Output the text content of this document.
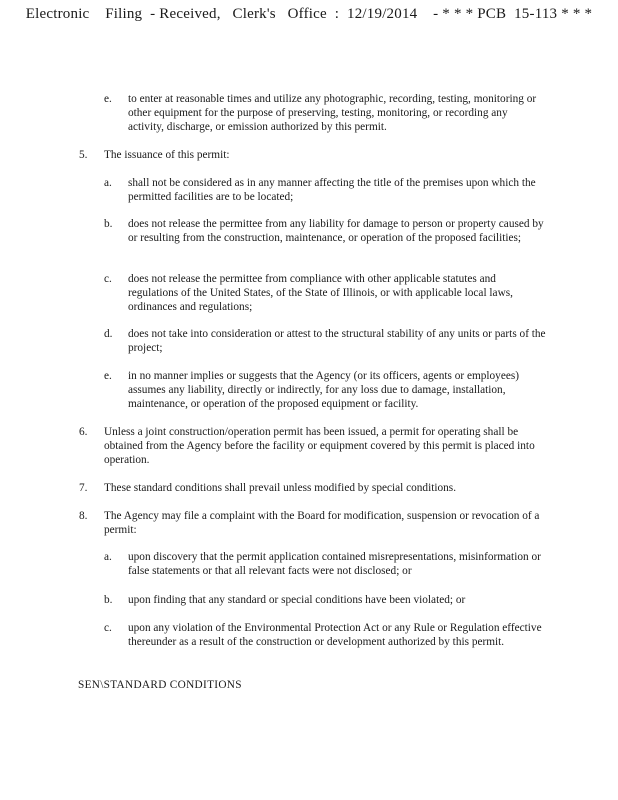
Electronic    Filing  - Received,   Clerk's   Office  :  12/19/2014    - * * * PCB  15-113 * * *
e.	to enter at reasonable times and utilize any photographic, recording, testing, monitoring or other equipment for the purpose of preserving, testing, monitoring, or recording any activity, discharge, or emission authorized by this permit.
5.	The issuance of this permit:
a.	shall not be considered as in any manner affecting the title of the premises upon which the permitted facilities are to be located;
b.	does not release the permittee from any liability for damage to person or property caused by or resulting from the construction, maintenance, or operation of the proposed facilities;
c.	does not release the permittee from compliance with other applicable statutes and regulations of the United States, of the State of Illinois, or with applicable local laws, ordinances and regulations;
d.	does not take into consideration or attest to the structural stability of any units or parts of the project;
e.	in no manner implies or suggests that the Agency (or its officers, agents or employees) assumes any liability, directly or indirectly, for any loss due to damage, installation, maintenance, or operation of the proposed equipment or facility.
6.	Unless a joint construction/operation permit has been issued, a permit for operating shall be obtained from the Agency before the facility or equipment covered by this permit is placed into operation.
7.	These standard conditions shall prevail unless modified by special conditions.
8.	The Agency may file a complaint with the Board for modification, suspension or revocation of a permit:
a.	upon discovery that the permit application contained misrepresentations, misinformation or false statements or that all relevant facts were not disclosed; or
b.	upon finding that any standard or special conditions have been violated; or
c.	upon any violation of the Environmental Protection Act or any Rule or Regulation effective thereunder as a result of the construction or development authorized by this permit.
SEN\STANDARD CONDITIONS
